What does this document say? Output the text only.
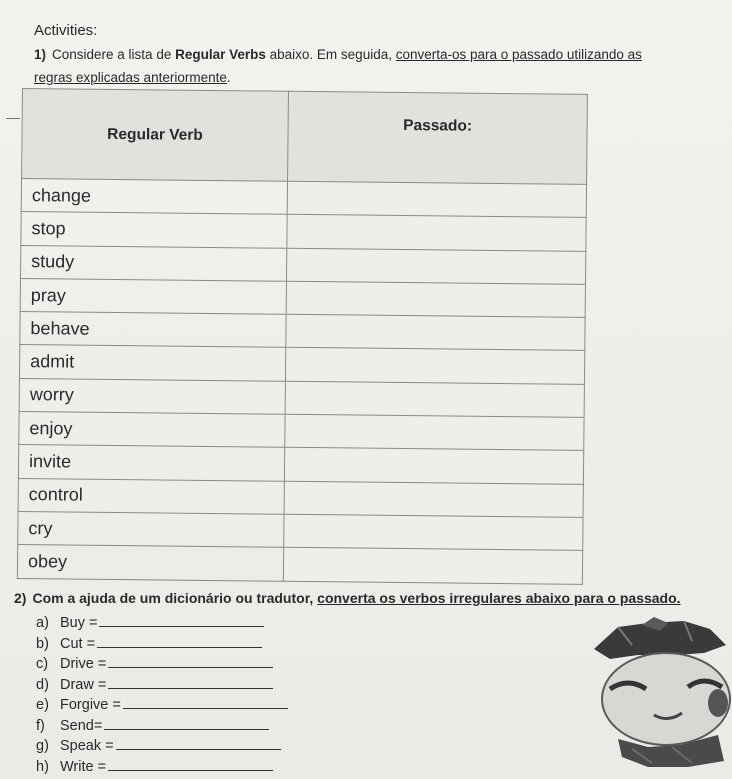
Activities:
1) Considere a lista de Regular Verbs abaixo. Em seguida, converta-os para o passado utilizando as
regras explicadas anteriormente.
Regular Verb	Passado:
change	
stop	
study	
pray	
behave	
admit	
worry	
enjoy	
invite	
control	
cry	
obey	
2) Com a ajuda de um dicionário ou tradutor, converta os verbos irregulares abaixo para o passado.
a) Buy =
b) Cut =
c) Drive =
d) Draw =
e) Forgive =
f) Send=
g) Speak =
h) Write =
